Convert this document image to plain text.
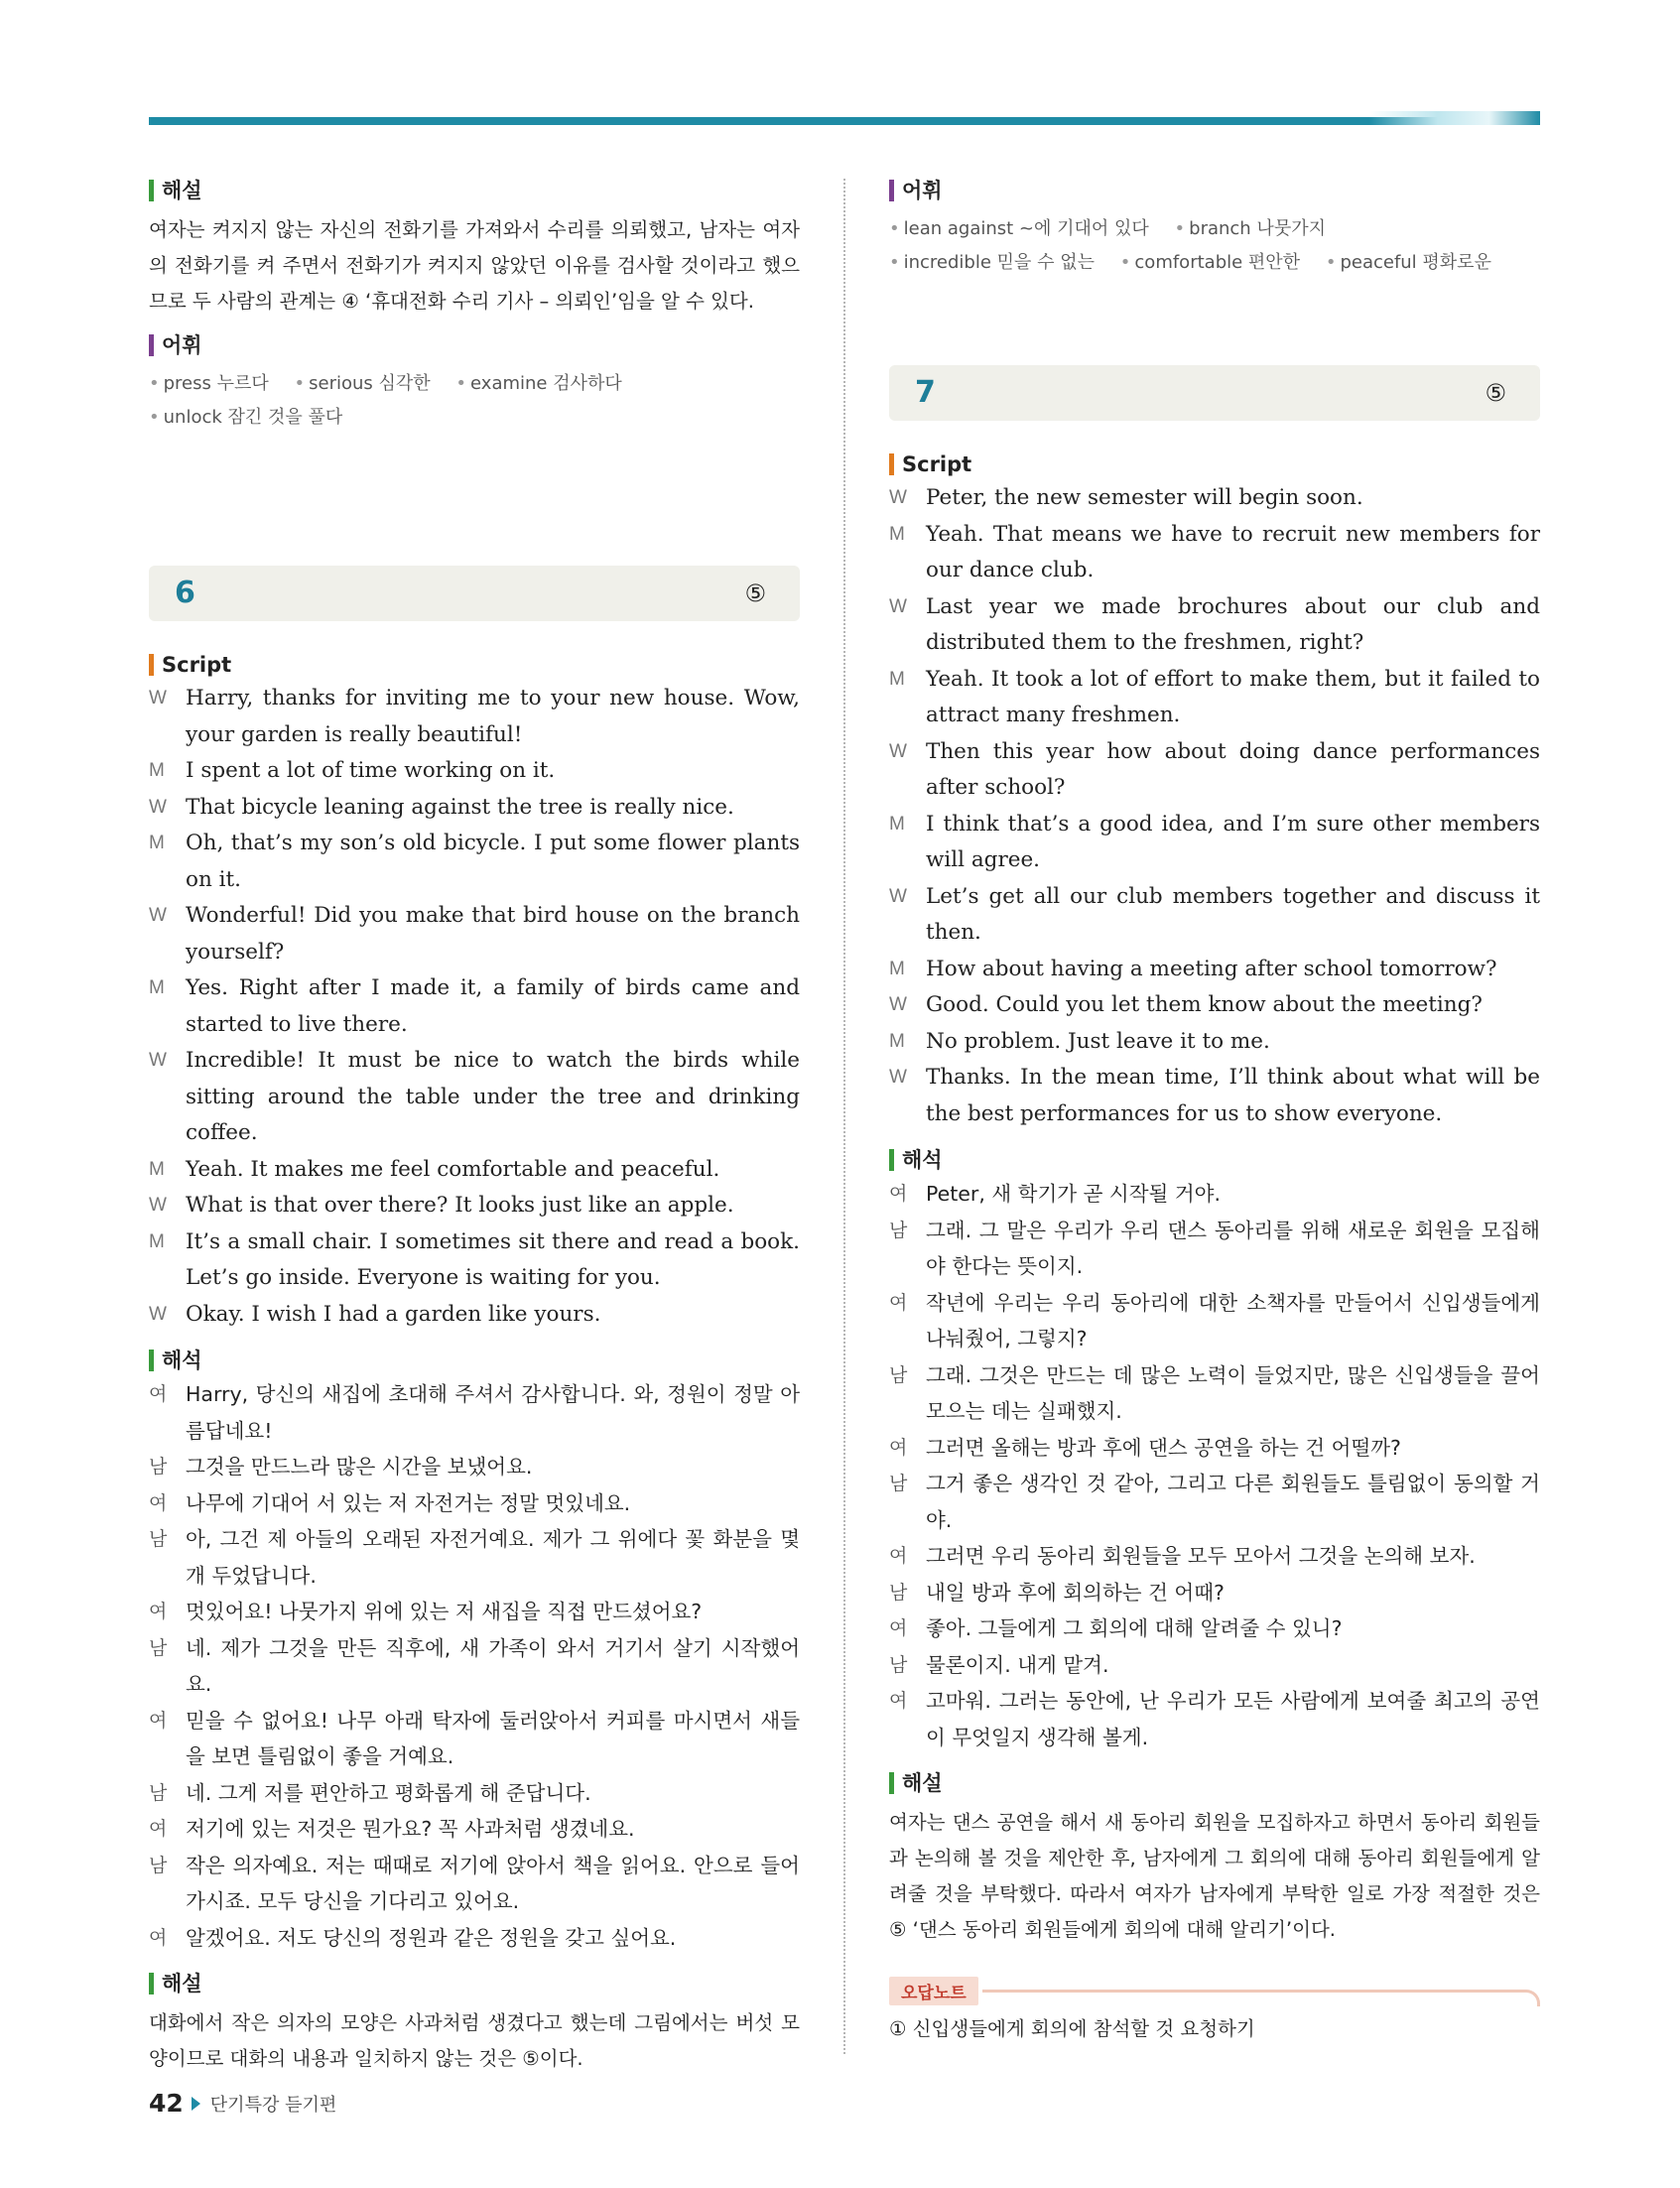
해설

여자는 켜지지 않는 자신의 전화기를 가져와서 수리를 의뢰했고, 남자는 여자의 전화기를 켜 주면서 전화기가 켜지지 않았던 이유를 검사할 것이라고 했으므로 두 사람의 관계는 ④ ‘휴대전화 수리 기사 – 의뢰인’임을 알 수 있다.

어휘

• press 누르다 • serious 심각한 • examine 검사하다 • unlock 잠긴 것을 풀다

6	⑤
Script
W Harry, thanks for inviting me to your new house. Wow, your garden is really beautiful!
M I spent a lot of time working on it.
W That bicycle leaning against the tree is really nice.
M Oh, that’s my son’s old bicycle. I put some flower plants on it.
W Wonderful! Did you make that bird house on the branch yourself?
M Yes. Right after I made it, a family of birds came and started to live there.
W Incredible! It must be nice to watch the birds while sitting around the table under the tree and drinking coffee.
M Yeah. It makes me feel comfortable and peaceful.
W What is that over there? It looks just like an apple.
M It’s a small chair. I sometimes sit there and read a book. Let’s go inside. Everyone is waiting for you.
W Okay. I wish I had a garden like yours.
해석
여 Harry, 당신의 새집에 초대해 주셔서 감사합니다. 와, 정원이 정말 아름답네요!
남 그것을 만드느라 많은 시간을 보냈어요.
여 나무에 기대어 서 있는 저 자전거는 정말 멋있네요.
남 아, 그건 제 아들의 오래된 자전거예요. 제가 그 위에다 꽃 화분을 몇 개 두었답니다.
여 멋있어요! 나뭇가지 위에 있는 저 새집을 직접 만드셨어요?
남 네. 제가 그것을 만든 직후에, 새 가족이 와서 거기서 살기 시작했어요.
여 믿을 수 없어요! 나무 아래 탁자에 둘러앉아서 커피를 마시면서 새들을 보면 틀림없이 좋을 거예요.
남 네. 그게 저를 편안하고 평화롭게 해 준답니다.
여 저기에 있는 저것은 뭔가요? 꼭 사과처럼 생겼네요.
남 작은 의자예요. 저는 때때로 저기에 앉아서 책을 읽어요. 안으로 들어가시죠. 모두 당신을 기다리고 있어요.
여 알겠어요. 저도 당신의 정원과 같은 정원을 갖고 싶어요.
해설

대화에서 작은 의자의 모양은 사과처럼 생겼다고 했는데 그림에서는 버섯 모양이므로 대화의 내용과 일치하지 않는 것은 ⑤이다.

어휘

• lean against ~에 기대어 있다 • branch 나뭇가지 • incredible 믿을 수 없는 • comfortable 편안한 • peaceful 평화로운

7	⑤
Script
W Peter, the new semester will begin soon.
M Yeah. That means we have to recruit new members for our dance club.
W Last year we made brochures about our club and distributed them to the freshmen, right?
M Yeah. It took a lot of effort to make them, but it failed to attract many freshmen.
W Then this year how about doing dance performances after school?
M I think that’s a good idea, and I’m sure other members will agree.
W Let’s get all our club members together and discuss it then.
M How about having a meeting after school tomorrow?
W Good. Could you let them know about the meeting?
M No problem. Just leave it to me.
W Thanks. In the mean time, I’ll think about what will be the best performances for us to show everyone.
해석
여 Peter, 새 학기가 곧 시작될 거야.
남 그래. 그 말은 우리가 우리 댄스 동아리를 위해 새로운 회원을 모집해야 한다는 뜻이지.
여 작년에 우리는 우리 동아리에 대한 소책자를 만들어서 신입생들에게 나눠줬어, 그렇지?
남 그래. 그것은 만드는 데 많은 노력이 들었지만, 많은 신입생들을 끌어 모으는 데는 실패했지.
여 그러면 올해는 방과 후에 댄스 공연을 하는 건 어떨까?
남 그거 좋은 생각인 것 같아, 그리고 다른 회원들도 틀림없이 동의할 거야.
여 그러면 우리 동아리 회원들을 모두 모아서 그것을 논의해 보자.
남 내일 방과 후에 회의하는 건 어때?
여 좋아. 그들에게 그 회의에 대해 알려줄 수 있니?
남 물론이지. 내게 맡겨.
여 고마워. 그러는 동안에, 난 우리가 모든 사람에게 보여줄 최고의 공연이 무엇일지 생각해 볼게.
해설

여자는 댄스 공연을 해서 새 동아리 회원을 모집하자고 하면서 동아리 회원들과 논의해 볼 것을 제안한 후, 남자에게 그 회의에 대해 동아리 회원들에게 알려줄 것을 부탁했다. 따라서 여자가 남자에게 부탁한 일로 가장 적절한 것은 ⑤ ‘댄스 동아리 회원들에게 회의에 대해 알리기’이다.

오답노트
① 신입생들에게 회의에 참석할 것 요청하기
42 단기특강 듣기편
